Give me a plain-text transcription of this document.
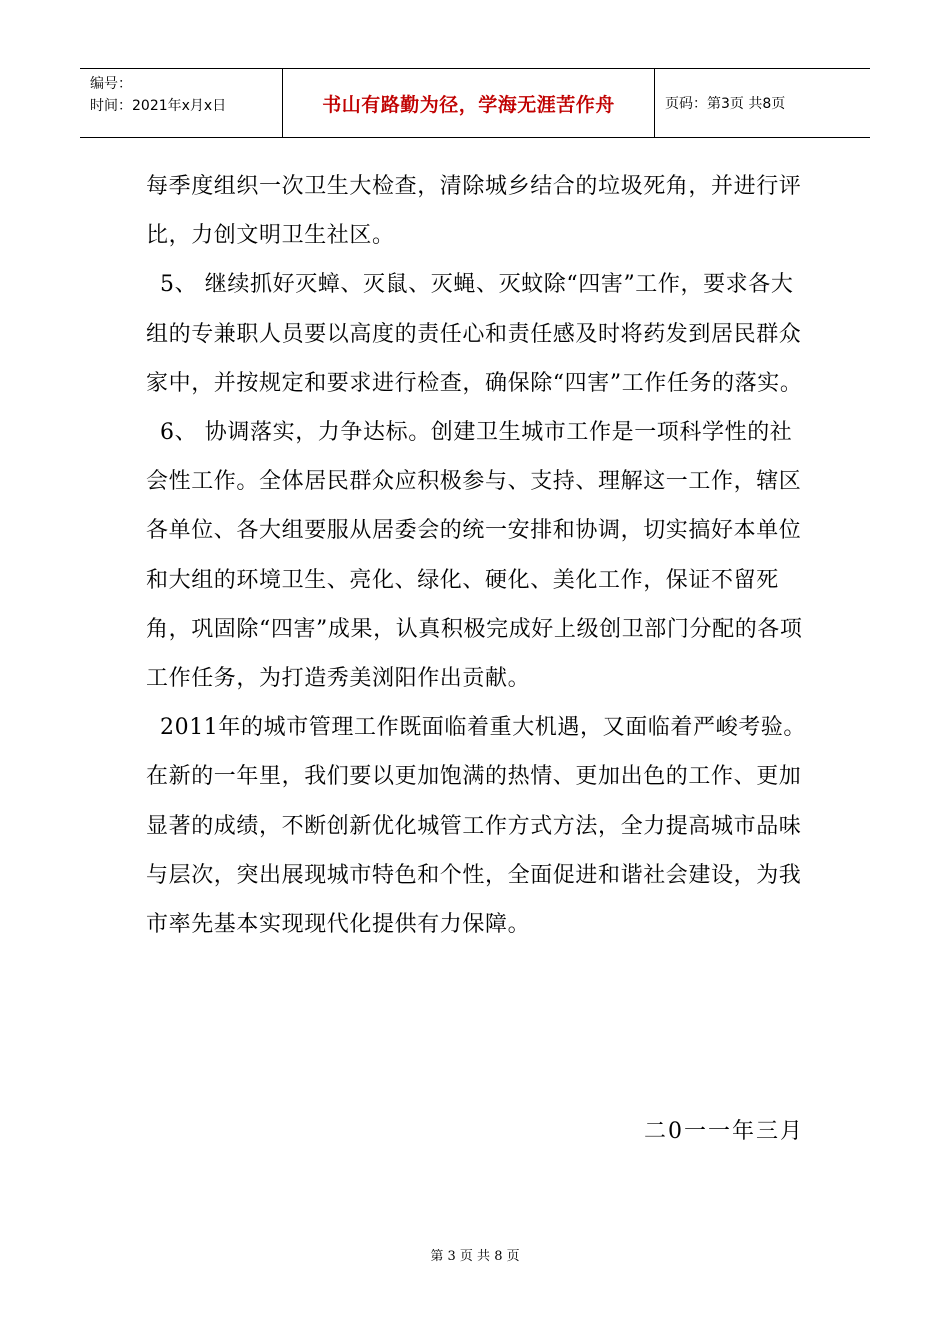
编号：
时间：2021年x月x日	书山有路勤为径，学海无涯苦作舟	页码：第3页 共8页

每季度组织一次卫生大检查，清除城乡结合的垃圾死角，并进行评比，力创文明卫生社区。

5、 继续抓好灭蟑、灭鼠、灭蝇、灭蚊除“四害”工作，要求各大组的专兼职人员要以高度的责任心和责任感及时将药发到居民群众家中，并按规定和要求进行检查，确保除“四害”工作任务的落实。

6、 协调落实，力争达标。创建卫生城市工作是一项科学性的社会性工作。全体居民群众应积极参与、支持、理解这一工作，辖区各单位、各大组要服从居委会的统一安排和协调，切实搞好本单位和大组的环境卫生、亮化、绿化、硬化、美化工作，保证不留死角，巩固除“四害”成果，认真积极完成好上级创卫部门分配的各项工作任务，为打造秀美浏阳作出贡献。

2011年的城市管理工作既面临着重大机遇，又面临着严峻考验。在新的一年里，我们要以更加饱满的热情、更加出色的工作、更加显著的成绩，不断创新优化城管工作方式方法，全力提高城市品味与层次，突出展现城市特色和个性，全面促进和谐社会建设，为我市率先基本实现现代化提供有力保障。

二0一一年三月
第 3 页 共 8 页
